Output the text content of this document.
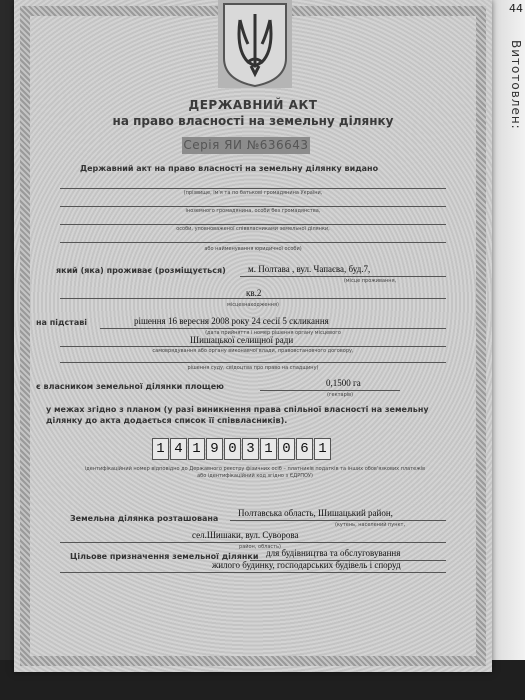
44
Витотовлен:
ДЕРЖАВНИЙ АКТ
на право власності на земельну ділянку
Серія ЯИ №636643
Державний акт на право власності на земельну ділянку видано
(прізвище, ім'я та по батькові громадянина України,
іноземного громадянина, особи без громадянства,
особи, уповноваженої співвласниками земельної ділянки,
або найменування юридичної особи)
який (яка) проживає (розміщується) м. Полтава , вул. Чапаєва, буд.7,
(місце проживання,
кв.2
місцезнаходження)
на підставі	рішення 16 вересня 2008 року 24 сесії 5 скликання
(дата прийняття і номер рішення органу місцевого
Шишацької селищної ради
самоврядування або органу виконавчої влади, правовстановчого договору,
рішення суду, свідоцтва про право на спадщину)
є власником земельної ділянки площею	0,1500 га
(гектарів)
у межах згідно з планом (у разі виникнення права спільної власності на земельну ділянку до акта додається список її співвласників).
1 4 1 9 0 3 1 0 6 1
ідентифікаційний номер відповідно до Державного реєстру фізичних осіб – платників податків та інших обов'язкових платежів або ідентифікаційний код згідно з ЄДРПОУ)
Земельна ділянка розташована
Полтавська область, Шишацький район,
(кутень, населений пункт,
сел.Шишаки, вул. Суворова
район, область)
Цільове призначення земельної ділянки для будівництва та обслуговування
жилого будинку, господарських будівель і споруд
